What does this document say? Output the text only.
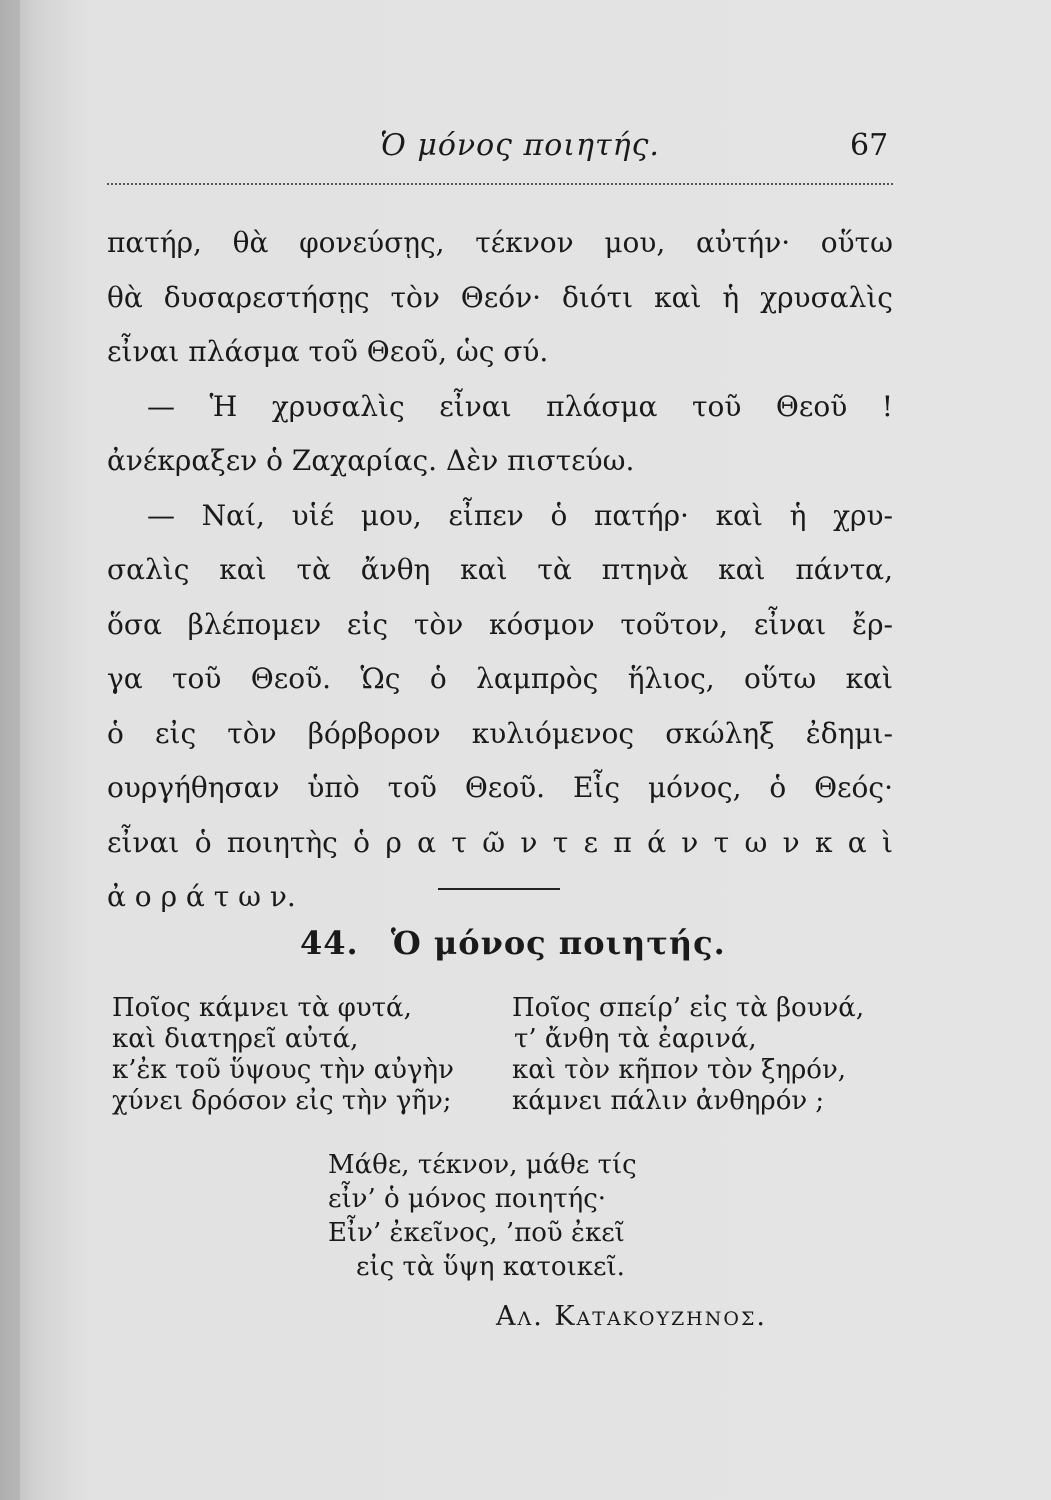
Ὁ μόνος ποιητής.	67
πατήρ, θὰ φονεύσῃς, τέκνον μου, αὐτήν· οὕτω
θὰ δυσαρεστήσῃς τὸν Θεόν· διότι καὶ ἡ χρυσαλὶς
εἶναι πλάσμα τοῦ Θεοῦ, ὡς σύ.
— Ἡ χρυσαλὶς εἶναι πλάσμα τοῦ Θεοῦ !
ἀνέκραξεν ὁ Ζαχαρίας. Δὲν πιστεύω.
— Ναί, υἱέ μου, εἶπεν ὁ πατήρ· καὶ ἡ χρυ-
σαλὶς καὶ τὰ ἄνθη καὶ τὰ πτηνὰ καὶ πάντα,
ὅσα βλέπομεν εἰς τὸν κόσμον τοῦτον, εἶναι ἔρ-
γα τοῦ Θεοῦ. Ὡς ὁ λαμπρὸς ἥλιος, οὕτω καὶ
ὁ εἰς τὸν βόρβορον κυλιόμενος σκώληξ ἐδημι-
ουργήθησαν ὑπὸ τοῦ Θεοῦ. Εἷς μόνος, ὁ Θεός·
εἶναι ὁ ποιητὴς ὁ ρ α τ ῶ ν τ ε π ά ν τ ω ν κ α ὶ
ἀ ο ρ ά τ ω ν.
44. Ὁ μόνος ποιητής.
Ποῖος κάμνει τὰ φυτά,
καὶ διατηρεῖ αὐτά,
κ’ἐκ τοῦ ὕψους τὴν αὐγὴν
χύνει δρόσον εἰς τὴν γῆν;
Ποῖος σπείρ’ εἰς τὰ βουνά,
τ’ ἄνθη τὰ ἐαρινά,
καὶ τὸν κῆπον τὸν ξηρόν,
κάμνει πάλιν ἀνθηρόν ;
Μάθε, τέκνον, μάθε τίς
εἶν’ ὁ μόνος ποιητής·
Εἶν’ ἐκεῖνος, ’ποῦ ἐκεῖ
εἰς τὰ ὕψη κατοικεῖ.
Αλ. Κατακουζηνος.
